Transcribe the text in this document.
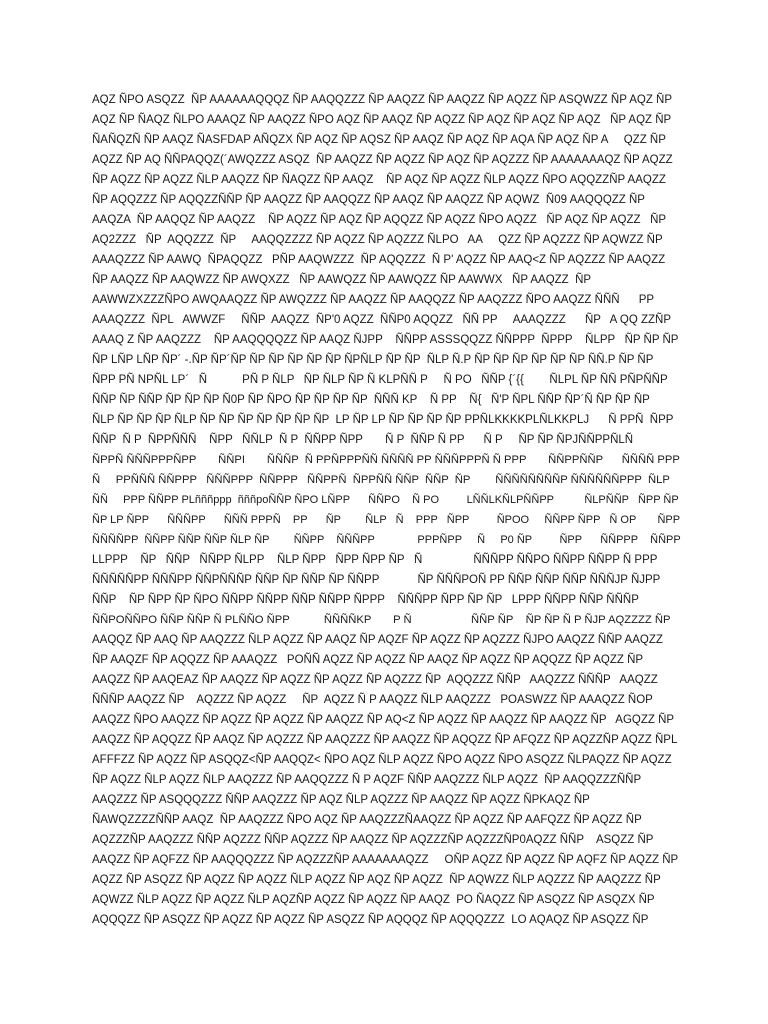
AQZ ÑPO ASQZZ  ÑP AAAAAAQQQZ ÑP AAQQZZZ ÑP AAQZZ ÑP AAQZZ ÑP AQZZ ÑP ASQWZZ ÑP AQZ ÑP
AQZ ÑP ÑAQZ ÑLPO AAAQZ ÑP AAQZZ ÑPO AQZ ÑP AAQZ ÑP AQZZ ÑP AQZ ÑP AQZ ÑP AQZ   ÑP AQZ ÑP
ÑAÑQZÑ ÑP AAQZ ÑASFDAP AÑQZX ÑP AQZ ÑP AQSZ ÑP AAQZ ÑP AQZ ÑP AQA ÑP AQZ ÑP A     QZZ ÑP
AQZZ ÑP AQ ÑÑPAQQZ(´AWQZZZ ASQZ  ÑP AAQZZ ÑP AQZZ ÑP AQZ ÑP AQZZZ ÑP AAAAAAAQZ ÑP AQZZ
ÑP AQZZ ÑP AQZZ ÑLP AAQZZ ÑP ÑAQZZ ÑP AAQZ    ÑP AQZ ÑP AQZZ ÑLP AQZZ ÑPO AQQZZÑP AAQZZ
ÑP AQQZZZ ÑP AQQZZÑÑP ÑP AAQZZ ÑP AAQQZZ ÑP AAQZ ÑP AAQZZ ÑP AQWZ  Ñ09 AAQQQZZ ÑP
AAQZA  ÑP AAQQZ ÑP AAQZZ    ÑP AQZZ ÑP AQZ ÑP AQQZZ ÑP AQZZ ÑPO AQZZ   ÑP AQZ ÑP AQZZ   ÑP
AQ2ZZZ   ÑP  AQQZZZ  ÑP     AAQQZZZZ ÑP AQZZ ÑP AQZZZ ÑLPO   AA     QZZ ÑP AQZZZ ÑP AQWZZ ÑP
AAAQZZZ ÑP AAWQ  ÑPAQQZZ   PÑP AAQWZZZ  ÑP AQQZZZ  Ñ P' AQZZ ÑP AAQ<Z ÑP AQZZZ ÑP AAQZZ
ÑP AAQZZ ÑP AAQWZZ ÑP AWQXZZ   ÑP AAWQZZ ÑP AAWQZZ ÑP AAWWX   ÑP AAQZZ  ÑP
AAWWZXZZZÑPO AWQAAQZZ ÑP AWQZZZ ÑP AAQZZ ÑP AAQQZZ ÑP AAQZZZ ÑPO AAQZZ ÑÑÑ      PP
AAAQZZZ  ÑPL   AWWZF     ÑÑP  AAQZZ  ÑP'0 AQZZ  ÑÑP0 AQQZZ   ÑÑ PP     AAAQZZZ      ÑP   A QQ ZZÑP
AAAQ Z ÑP AAQZZZ    ÑP AAQQQQZZ ÑP AAQZ ÑJPP    ÑÑPP ASSSQQZZ ÑÑPPP  ÑPPP    ÑLPP   ÑP ÑP ÑP
ÑP LÑP LÑP ÑP´ -.ÑP ÑP´ÑP ÑP ÑP ÑP ÑP ÑP ÑPÑLP ÑP ÑP  ÑLP Ñ.P ÑP ÑP ÑP ÑP ÑP ÑP ÑÑ.P ÑP ÑP
ÑPP PÑ NPÑL LP´   Ñ           PÑ P ÑLP   ÑP ÑLP ÑP Ñ KLPÑÑ P     Ñ PO   ÑÑP {´{{        ÑLPL ÑP ÑÑ PÑPÑÑP
ÑÑP ÑP ÑÑP ÑP ÑP ÑP Ñ0P ÑP ÑPO ÑP ÑP ÑP ÑP  ÑÑÑ KP    Ñ PP    Ñ{   Ñ'P ÑPL ÑÑP ÑP´Ñ ÑP ÑP ÑP
ÑLP ÑP ÑP ÑP ÑLP ÑP ÑP ÑP ÑP ÑP ÑP ÑP  LP ÑP LP ÑP ÑP ÑP ÑP PPÑLKKKKPLÑLKKPLJ      Ñ PPÑ  ÑPP
ÑÑP  Ñ P  ÑPPÑÑÑ    ÑPP   ÑÑLP  Ñ P  ÑÑPP ÑPP       Ñ P  ÑÑP Ñ PP      Ñ P     ÑP ÑP ÑPJÑÑPPÑLÑ
ÑPPÑ ÑÑÑPPPÑPP       ÑÑPI       ÑÑÑP  Ñ PPÑPPPÑÑ ÑÑÑÑ PP ÑÑÑPPPÑ Ñ PPP       ÑÑPPÑÑP      ÑÑÑÑ PPP
Ñ     PPÑÑÑ ÑÑPPP   ÑÑÑPPP  ÑÑPPP   ÑÑPPÑ  ÑPPÑÑ ÑÑP  ÑÑP  ÑP        ÑÑÑÑÑÑÑÑP ÑÑÑÑÑÑPPP  ÑLP
ÑÑ     PPP ÑÑPP PLñññppp  ñññpoÑÑP ÑPO LÑPP      ÑÑPO    Ñ PO         LÑÑLKÑLPÑÑPP          ÑLPÑÑP   ÑPP ÑP
ÑP LP ÑPP      ÑÑÑPP      ÑÑÑ PPPÑ    PP      ÑP        ÑLP   Ñ    PPP   ÑPP         ÑPOO     ÑÑPP ÑPP   Ñ OP       ÑPP
ÑÑÑÑPP  ÑÑPP ÑÑP ÑÑP ÑLP ÑP        ÑÑPP    ÑÑÑPP              PPPÑPP     Ñ     P0 ÑP         ÑPP      ÑÑPPP    ÑÑPP
LLPPP    ÑP   ÑÑP   ÑÑPP ÑLPP    ÑLP ÑPP   ÑPP ÑPP ÑP   Ñ                ÑÑÑPP ÑÑPO ÑÑPP ÑÑPP Ñ PPP
ÑÑÑÑÑPP ÑÑÑPP ÑÑPÑÑÑP ÑÑP ÑP ÑÑP ÑP ÑÑPP            ÑP ÑÑÑPOÑ PP ÑÑP ÑÑP ÑÑP ÑÑÑJP ÑJPP
ÑÑP    ÑP ÑPP ÑP ÑPO ÑÑPP ÑÑPP ÑÑP ÑÑPP ÑPPP    ÑÑÑPP ÑPP ÑP ÑP   LPPP ÑÑPP ÑÑP ÑÑÑP
ÑÑPOÑÑPO ÑÑP ÑÑP Ñ PLÑÑO ÑPP           ÑÑÑÑKP       P Ñ                   ÑÑP ÑP    ÑP ÑP Ñ P ÑJP AQZZZZ ÑP
AAQQZ ÑP AAQ ÑP AAQZZZ ÑLP AQZZ ÑP AAQZ ÑP AQZF ÑP AQZZ ÑP AQZZZ ÑJPO AAQZZ ÑÑP AAQZZ
ÑP AAQZF ÑP AQQZZ ÑP AAAQZZ   POÑÑ AQZZ ÑP AQZZ ÑP AAQZ ÑP AQZZ ÑP AQQZZ ÑP AQZZ ÑP
AAQZZ ÑP AAQEAZ ÑP AAQZZ ÑP AQZZ ÑP AQZZ ÑP AQZZZ ÑP  AQQZZZ ÑÑP   AAQZZZ ÑÑÑP   AAQZZ
ÑÑÑP AAQZZ ÑP    AQZZZ ÑP AQZZ     ÑP  AQZZ Ñ P AAQZZ ÑLP AAQZZZ   POASWZZ ÑP AAAQZZ ÑOP
AAQZZ ÑPO AAQZZ ÑP AQZZ ÑP AQZZ ÑP AAQZZ ÑP AQ<Z ÑP AQZZ ÑP AAQZZ ÑP AAQZZ ÑP   AGQZZ ÑP
AAQZZ ÑP AQQZZ ÑP AAQZ ÑP AQZZZ ÑP AAQZZZ ÑP AAQZZ ÑP AQQZZ ÑP AFQZZ ÑP AQZZÑP AQZZ ÑPL
AFFFZZ ÑP AQZZ ÑP ASQQZ<ÑP AAQQZ< ÑPO AQZ ÑLP AQZZ ÑPO AQZZ ÑPO ASQZZ ÑLPAQZZ ÑP AQZZ
ÑP AQZZ ÑLP AQZZ ÑLP AAQZZZ ÑP AAQQZZZ Ñ P AQZF ÑÑP AAQZZZ ÑLP AQZZ  ÑP AAQQZZZÑÑP
AAQZZZ ÑP ASQQQZZZ ÑÑP AAQZZZ ÑP AQZ ÑLP AQZZZ ÑP AAQZZ ÑP AQZZ ÑPKAQZ ÑP
ÑAWQZZZZÑÑP AAQZ  ÑP AAQZZZ ÑPO AQZ ÑP AAQZZZÑAAQZZ ÑP AQZZ ÑP AAFQZZ ÑP AQZZ ÑP
AQZZZÑP AAQZZZ ÑÑP AQZZZ ÑÑP AQZZZ ÑP AAQZZ ÑP AQZZZÑP AQZZZÑP0AQZZ ÑÑP    ASQZZ ÑP
AAQZZ ÑP AQFZZ ÑP AAQQQZZZ ÑP AQZZZÑP AAAAAAAQZZ     OÑP AQZZ ÑP AQZZ ÑP AQFZ ÑP AQZZ ÑP
AQZZ ÑP ASQZZ ÑP AQZZ ÑP AQZZ ÑLP AQZZ ÑP AQZ ÑP AQZZ  ÑP AQWZZ ÑLP AQZZZ ÑP AAQZZZ ÑP
AQWZZ ÑLP AQZZ ÑP AQZZ ÑLP AQZÑP AQZZ ÑP AQZZ ÑP AAQZ  PO ÑAQZZ ÑP ASQZZ ÑP ASQZX ÑP
AQQQZZ ÑP ASQZZ ÑP AQZZ ÑP AQZZ ÑP ASQZZ ÑP AQQQZ ÑP AQQQZZZ  LO AQAQZ ÑP ASQZZ ÑP
